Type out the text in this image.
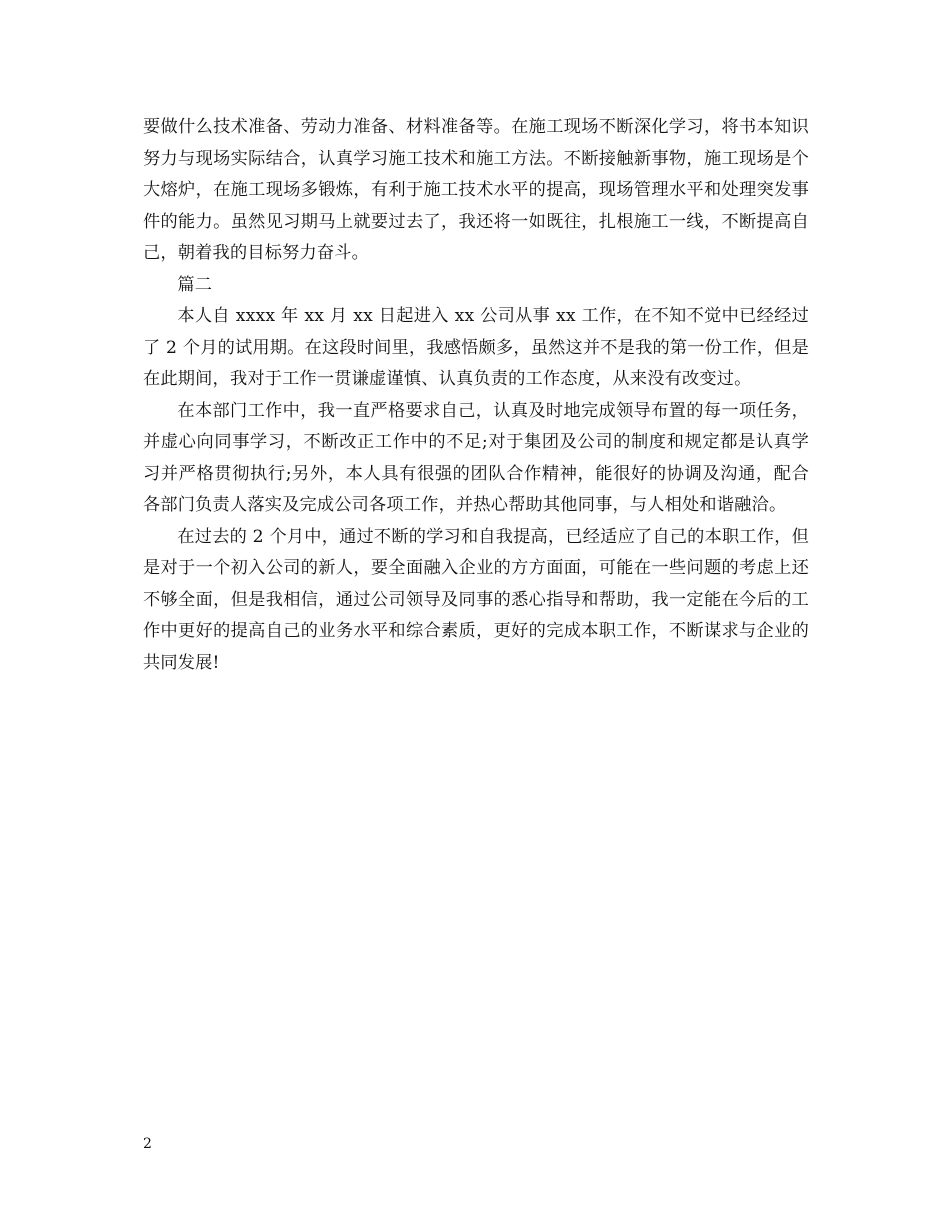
要做什么技术准备、劳动力准备、材料准备等。在施工现场不断深化学习，将书本知识努力与现场实际结合，认真学习施工技术和施工方法。不断接触新事物，施工现场是个大熔炉，在施工现场多锻炼，有利于施工技术水平的提高，现场管理水平和处理突发事件的能力。虽然见习期马上就要过去了，我还将一如既往，扎根施工一线，不断提高自己，朝着我的目标努力奋斗。

篇二

本人自 xxxx 年 xx 月 xx 日起进入 xx 公司从事 xx 工作，在不知不觉中已经经过了 2 个月的试用期。在这段时间里，我感悟颇多，虽然这并不是我的第一份工作，但是在此期间，我对于工作一贯谦虚谨慎、认真负责的工作态度，从来没有改变过。

在本部门工作中，我一直严格要求自己，认真及时地完成领导布置的每一项任务，并虚心向同事学习，不断改正工作中的不足;对于集团及公司的制度和规定都是认真学习并严格贯彻执行;另外，本人具有很强的团队合作精神，能很好的协调及沟通，配合各部门负责人落实及完成公司各项工作，并热心帮助其他同事，与人相处和谐融洽。

在过去的 2 个月中，通过不断的学习和自我提高，已经适应了自己的本职工作，但是对于一个初入公司的新人，要全面融入企业的方方面面，可能在一些问题的考虑上还不够全面，但是我相信，通过公司领导及同事的悉心指导和帮助，我一定能在今后的工作中更好的提高自己的业务水平和综合素质，更好的完成本职工作，不断谋求与企业的共同发展!

2
